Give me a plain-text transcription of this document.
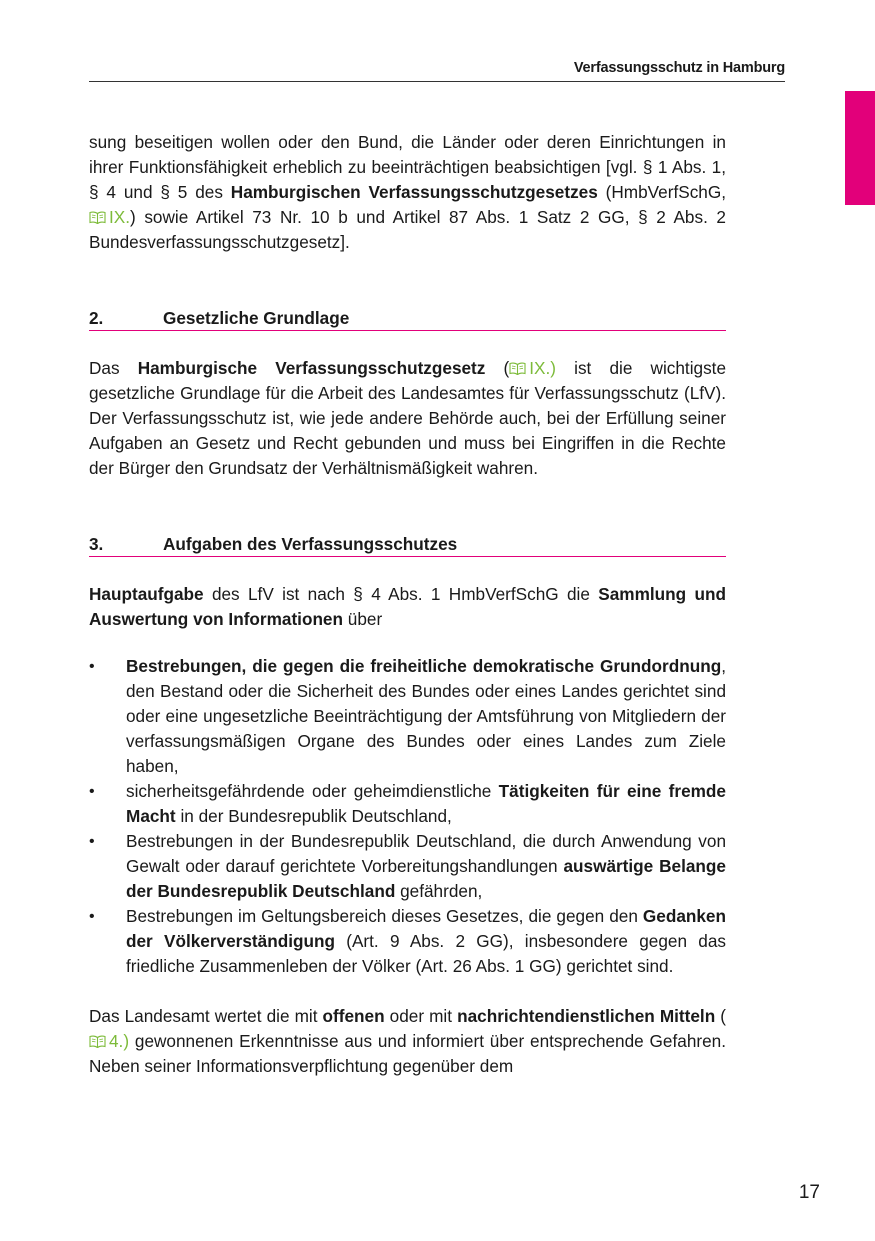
Verfassungsschutz in Hamburg

sung beseitigen wollen oder den Bund, die Länder oder deren Einrichtungen in ihrer Funktionsfähigkeit erheblich zu beeinträchtigen beabsichtigen [vgl. § 1 Abs. 1, § 4 und § 5 des Hamburgischen Verfassungsschutzgesetzes (HmbVerfSchG,
IX.) sowie Artikel 73 Nr. 10 b und Artikel 87 Abs. 1 Satz 2 GG, § 2 Abs. 2 Bundesverfassungsschutzgesetz].

2.	Gesetzliche Grundlage

Das Hamburgische Verfassungsschutzgesetz ( IX.) ist die wichtigste gesetzliche Grundlage für die Arbeit des Landesamtes für Verfassungsschutz (LfV). Der Verfassungsschutz ist, wie jede andere Behörde auch, bei der Erfüllung seiner Aufgaben an Gesetz und Recht gebunden und muss bei Eingriffen in die Rechte der Bürger den Grundsatz der Verhältnismäßigkeit wahren.

3.	Aufgaben des Verfassungsschutzes

Hauptaufgabe des LfV ist nach § 4 Abs. 1 HmbVerfSchG die Sammlung und Auswertung von Informationen über

• Bestrebungen, die gegen die freiheitliche demokratische Grundordnung, den Bestand oder die Sicherheit des Bundes oder eines Landes gerichtet sind oder eine ungesetzliche Beeinträchtigung der Amtsführung von Mitgliedern der verfassungsmäßigen Organe des Bundes oder eines Landes zum Ziele haben,
• sicherheitsgefährdende oder geheimdienstliche Tätigkeiten für eine fremde Macht in der Bundesrepublik Deutschland,
• Bestrebungen in der Bundesrepublik Deutschland, die durch Anwendung von Gewalt oder darauf gerichtete Vorbereitungshandlungen auswärtige Belange der Bundesrepublik Deutschland gefährden,
• Bestrebungen im Geltungsbereich dieses Gesetzes, die gegen den Gedanken der Völkerverständigung (Art. 9 Abs. 2 GG), insbesondere gegen das friedliche Zusammenleben der Völker (Art. 26 Abs. 1 GG) gerichtet sind.

Das Landesamt wertet die mit offenen oder mit nachrichtendienstlichen Mitteln (
4.) gewonnenen Erkenntnisse aus und informiert über entsprechende Gefahren. Neben seiner Informationsverpflichtung gegenüber dem

17
